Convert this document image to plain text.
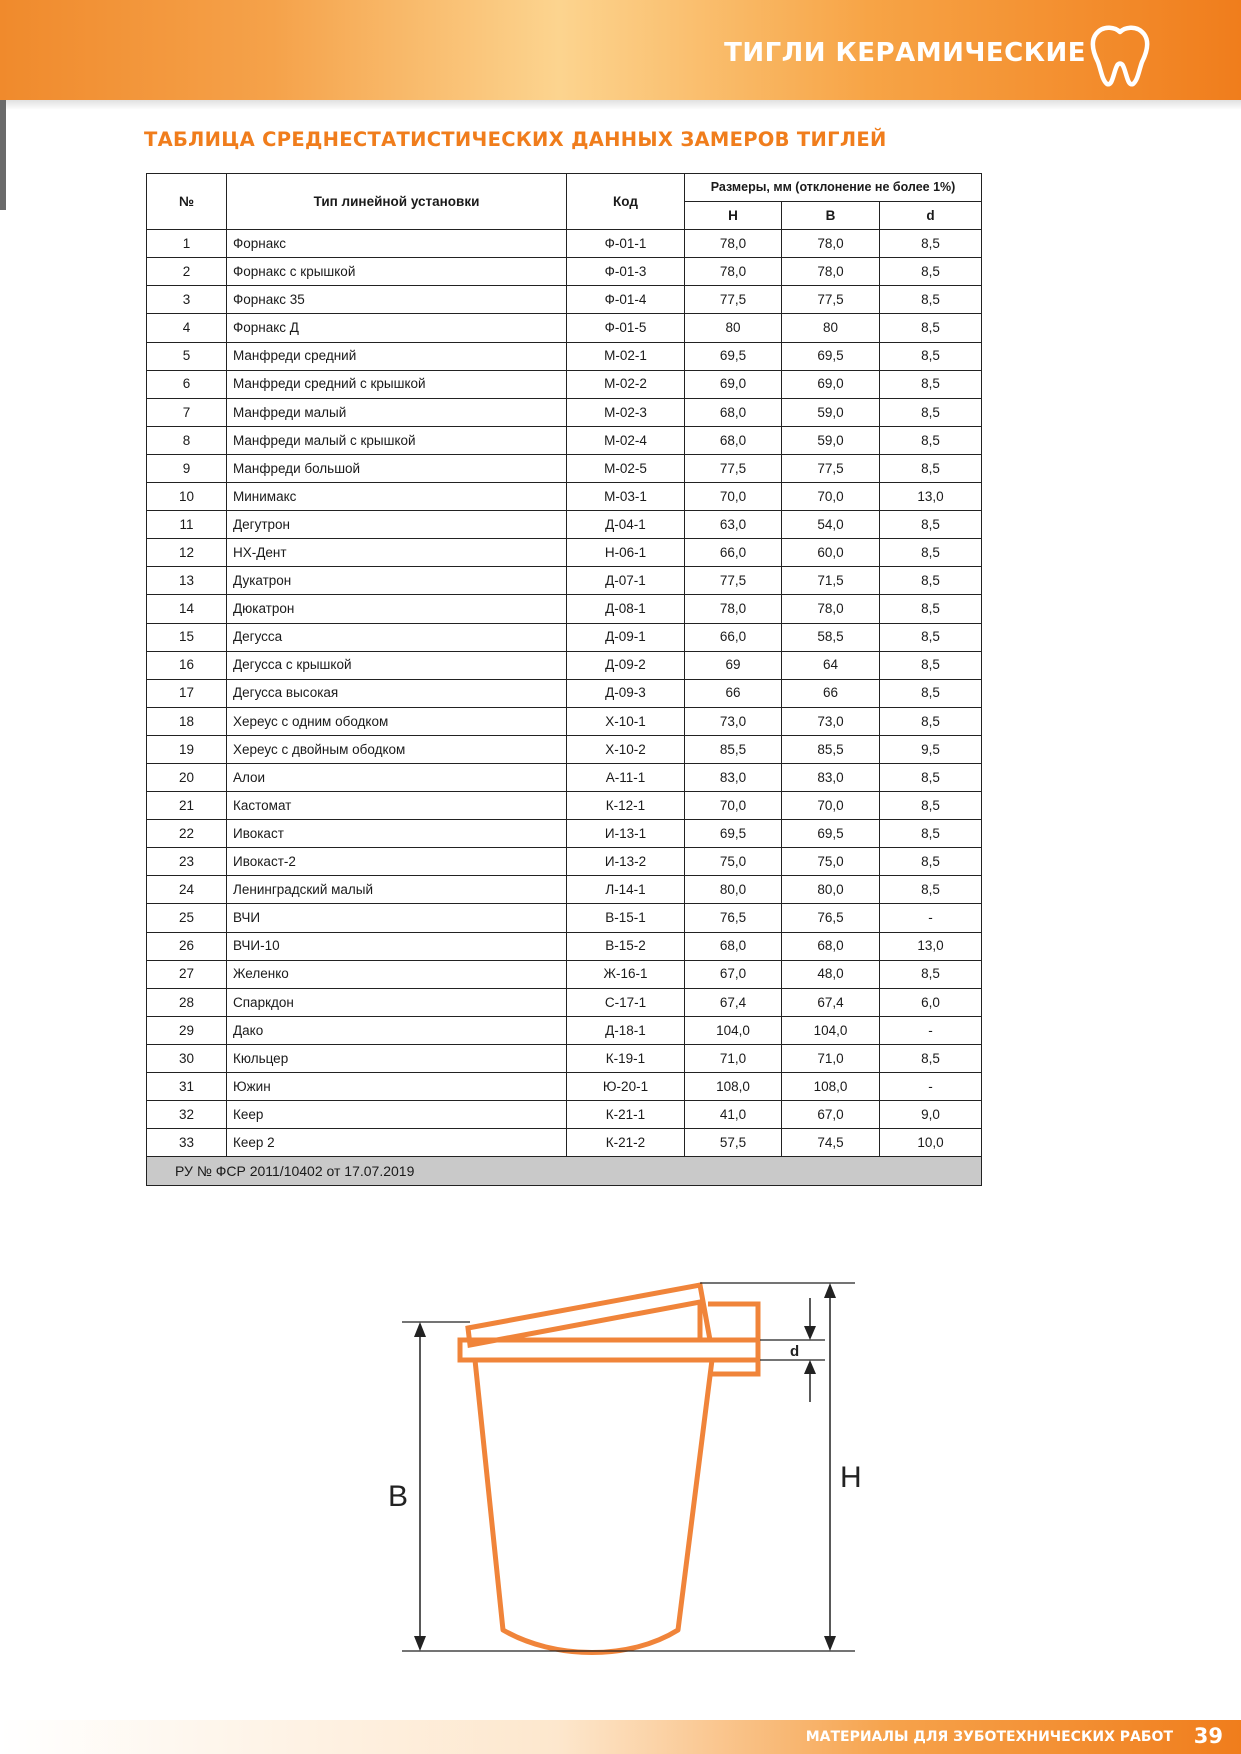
ТИГЛИ КЕРАМИЧЕСКИЕ
ТАБЛИЦА СРЕДНЕСТАТИСТИЧЕСКИХ ДАННЫХ ЗАМЕРОВ ТИГЛЕЙ
№	Тип линейной установки	Код	Размеры, мм (отклонение не более 1%)		
			H	B	d
1	Форнакс	Ф-01-1	78,0	78,0	8,5
2	Форнакс с крышкой	Ф-01-3	78,0	78,0	8,5
3	Форнакс 35	Ф-01-4	77,5	77,5	8,5
4	Форнакс Д	Ф-01-5	80	80	8,5
5	Манфреди средний	М-02-1	69,5	69,5	8,5
6	Манфреди средний с крышкой	М-02-2	69,0	69,0	8,5
7	Манфреди малый	М-02-3	68,0	59,0	8,5
8	Манфреди малый с крышкой	М-02-4	68,0	59,0	8,5
9	Манфреди большой	М-02-5	77,5	77,5	8,5
10	Минимакс	М-03-1	70,0	70,0	13,0
11	Дегутрон	Д-04-1	63,0	54,0	8,5
12	НХ-Дент	Н-06-1	66,0	60,0	8,5
13	Дукатрон	Д-07-1	77,5	71,5	8,5
14	Дюкатрон	Д-08-1	78,0	78,0	8,5
15	Дегусса	Д-09-1	66,0	58,5	8,5
16	Дегусса с крышкой	Д-09-2	69	64	8,5
17	Дегусса высокая	Д-09-3	66	66	8,5
18	Хереус с одним ободком	Х-10-1	73,0	73,0	8,5
19	Хереус с двойным ободком	Х-10-2	85,5	85,5	9,5
20	Алои	А-11-1	83,0	83,0	8,5
21	Кастомат	К-12-1	70,0	70,0	8,5
22	Ивокаст	И-13-1	69,5	69,5	8,5
23	Ивокаст-2	И-13-2	75,0	75,0	8,5
24	Ленинградский малый	Л-14-1	80,0	80,0	8,5
25	ВЧИ	В-15-1	76,5	76,5	-
26	ВЧИ-10	В-15-2	68,0	68,0	13,0
27	Желенко	Ж-16-1	67,0	48,0	8,5
28	Спаркдон	С-17-1	67,4	67,4	6,0
29	Дако	Д-18-1	104,0	104,0	-
30	Кюльцер	К-19-1	71,0	71,0	8,5
31	Южин	Ю-20-1	108,0	108,0	-
32	Кеер	К-21-1	41,0	67,0	9,0
33	Кеер 2	К-21-2	57,5	74,5	10,0
РУ № ФСР 2011/10402 от 17.07.2019					
B
H
d
МАТЕРИАЛЫ ДЛЯ ЗУБОТЕХНИЧЕСКИХ РАБОТ 39
